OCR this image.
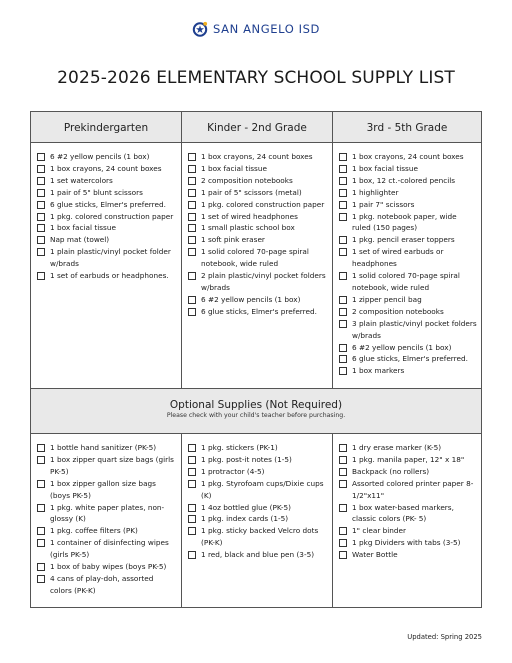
SAN ANGELO ISD
2025-2026 ELEMENTARY SCHOOL SUPPLY LIST
Prekindergarten	Kinder - 2nd Grade	3rd - 5th Grade
6 #2 yellow pencils (1 box)
1 box crayons, 24 count boxes
1 set watercolors
1 pair of 5" blunt scissors
6 glue sticks, Elmer's preferred.
1 pkg. colored construction paper
1 box facial tissue
Nap mat (towel)
1 plain plastic/vinyl pocket folder w/brads
1 set of earbuds or headphones.
1 box crayons, 24 count boxes
1 box facial tissue
2 composition notebooks
1 pair of 5" scissors (metal)
1 pkg. colored construction paper
1 set of wired headphones
1 small plastic school box
1 soft pink eraser
1 solid colored 70-page spiral notebook, wide ruled
2 plain plastic/vinyl pocket folders w/brads
6 #2 yellow pencils (1 box)
6 glue sticks, Elmer's preferred.
1 box crayons, 24 count boxes
1 box facial tissue
1 box, 12 ct.-colored pencils
1 highlighter
1 pair 7" scissors
1 pkg. notebook paper, wide ruled (150 pages)
1 pkg. pencil eraser toppers
1 set of wired earbuds or headphones
1 solid colored 70-page spiral notebook, wide ruled
1 zipper pencil bag
2 composition notebooks
3 plain plastic/vinyl pocket folders w/brads
6 #2 yellow pencils (1 box)
6 glue sticks, Elmer's preferred.
1 box markers
Optional Supplies (Not Required)
Please check with your child's teacher before purchasing.
1 bottle hand sanitizer (PK-5)
1 box zipper quart size bags (girls PK-5)
1 box zipper gallon size bags (boys PK-5)
1 pkg. white paper plates, non-glossy (K)
1 pkg. coffee filters (PK)
1 container of disinfecting wipes (girls PK-5)
1 box of baby wipes (boys PK-5)
4 cans of play-doh, assorted colors (PK-K)
1 pkg. stickers (PK-1)
1 pkg. post-it notes (1-5)
1 protractor (4-5)
1 pkg. Styrofoam cups/Dixie cups (K)
1 4oz bottled glue (PK-5)
1 pkg. index cards (1-5)
1 pkg. sticky backed Velcro dots (PK-K)
1 red, black and blue pen (3-5)
1 dry erase marker (K-5)
1 pkg. manila paper, 12" x 18"
Backpack (no rollers)
Assorted colored printer paper 8-1/2"x11"
1 box water-based markers, classic colors (PK- 5)
1" clear binder
1 pkg Dividers with tabs (3-5)
Water Bottle
Updated: Spring 2025
